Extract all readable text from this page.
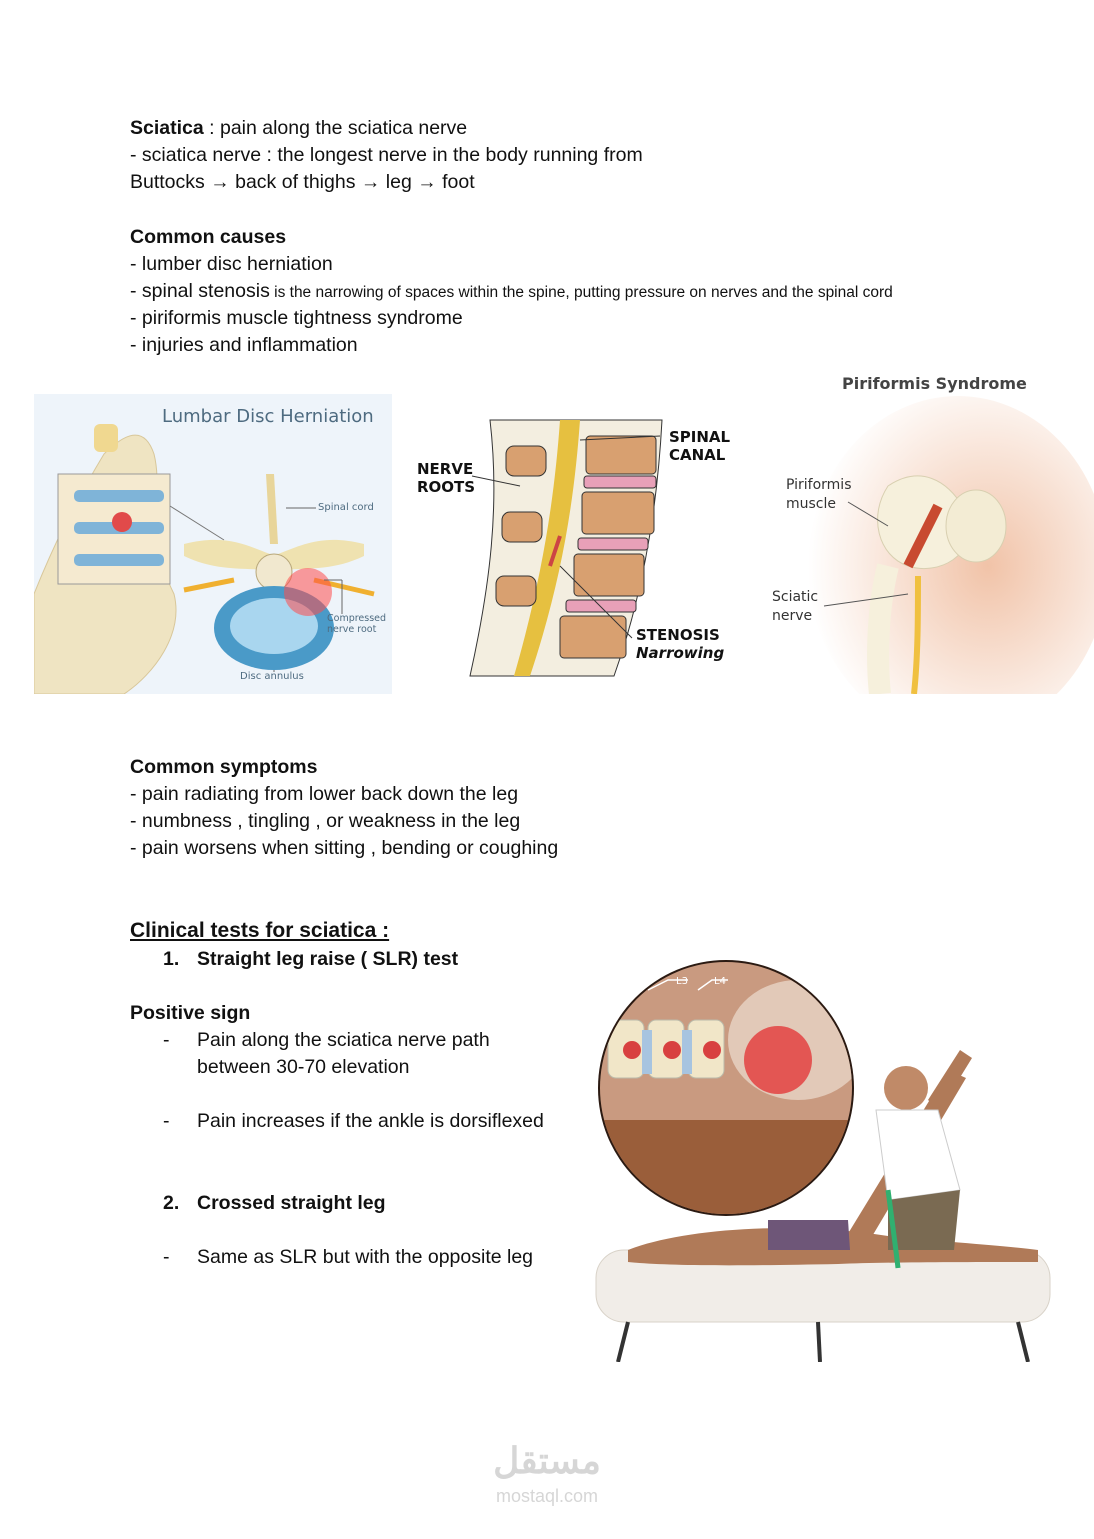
Sciatica : pain along the sciatica nerve
- sciatica nerve : the longest nerve in the body running from
Buttocks → back of thighs → leg → foot
Common causes
- lumber disc herniation
- spinal stenosis is the narrowing of spaces within the spine, putting pressure on nerves and the spinal cord
- piriformis muscle tightness syndrome
- injuries and inflammation
Lumbar Disc Herniation
Spinal cord
Compressed
nerve root
Disc annulus
NERVE
ROOTS
SPINAL
CANAL
STENOSIS
Narrowing
Piriformis Syndrome
Piriformis
muscle
Sciatic
nerve
Common symptoms
- pain radiating from lower back down the leg
- numbness , tingling , or weakness in the leg
- pain worsens when sitting , bending or coughing
Clinical tests for sciatica :
1. Straight leg raise ( SLR) test
Positive sign
- Pain along the sciatica nerve path
between 30-70 elevation
- Pain increases if the ankle is dorsiflexed
2. Crossed straight leg
- Same as SLR but with the opposite leg
L3	L4
مستقل
mostaql.com
